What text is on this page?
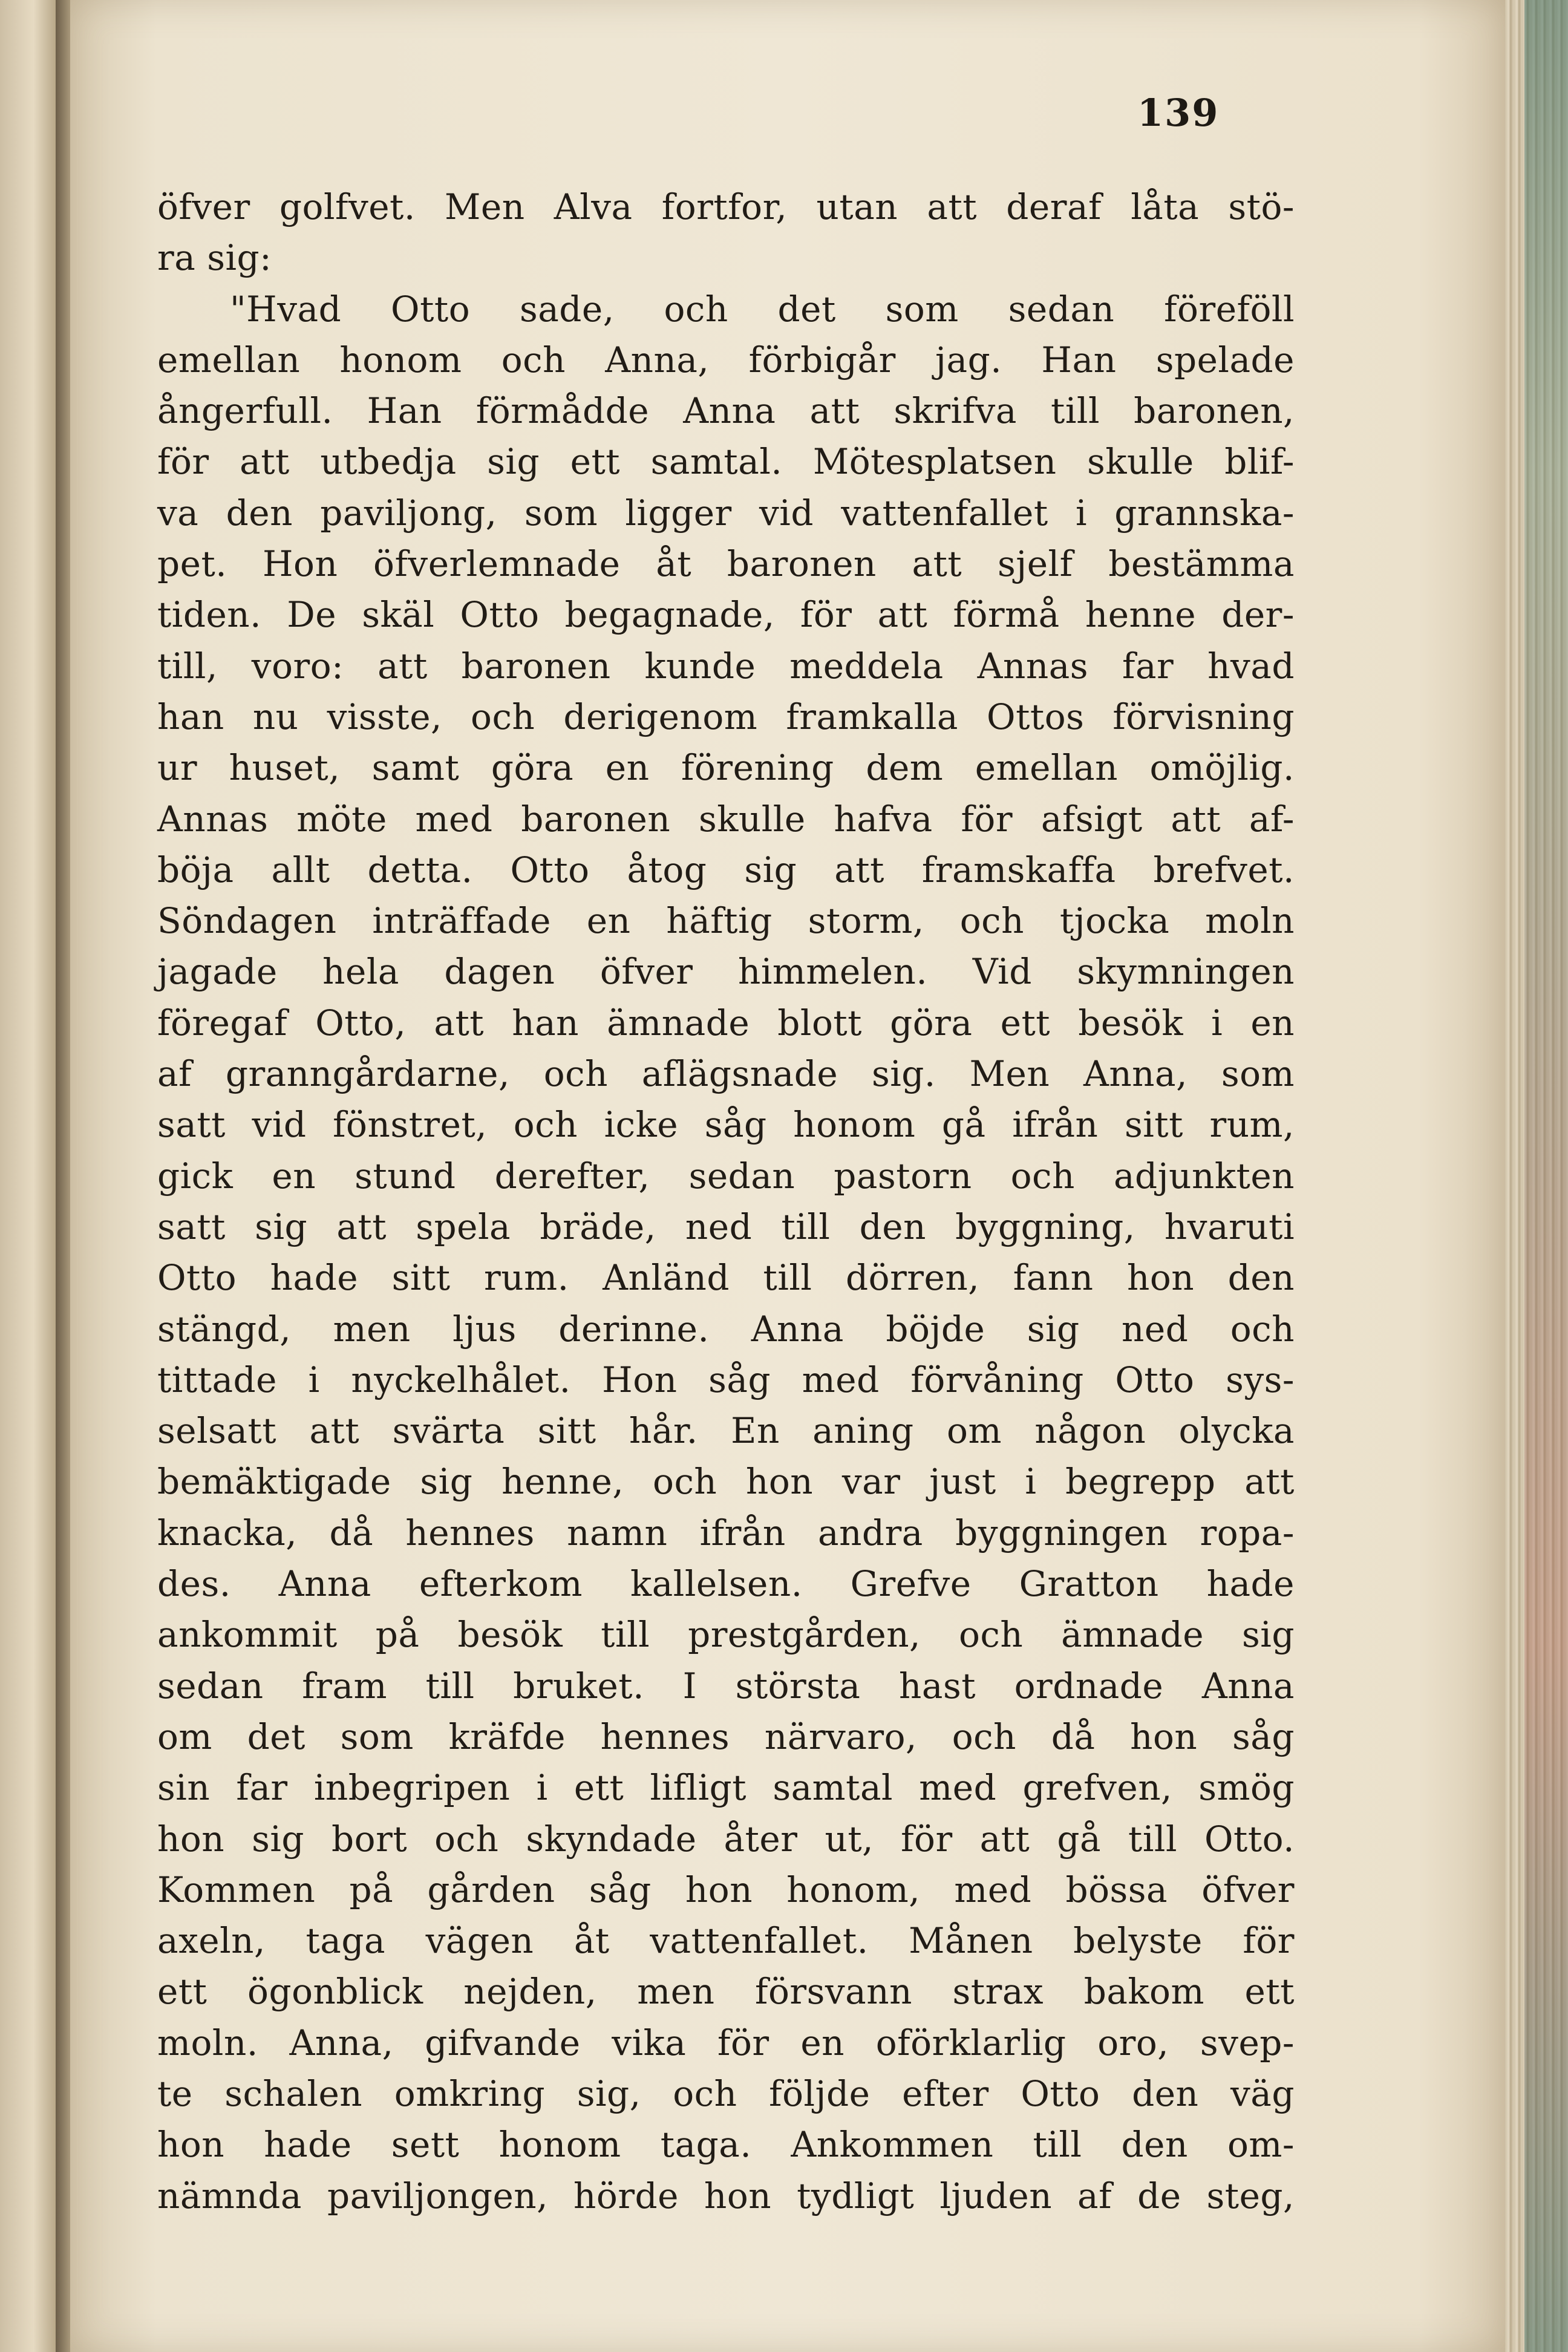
139
öfver golfvet. Men Alva fortfor, utan att deraf låta stö-
ra sig:
"Hvad Otto sade, och det som sedan föreföll
emellan honom och Anna, förbigår jag. Han spelade
ångerfull. Han förmådde Anna att skrifva till baronen,
för att utbedja sig ett samtal. Mötesplatsen skulle blif-
va den paviljong, som ligger vid vattenfallet i grannska-
pet. Hon öfverlemnade åt baronen att sjelf bestämma
tiden. De skäl Otto begagnade, för att förmå henne der-
till, voro: att baronen kunde meddela Annas far hvad
han nu visste, och derigenom framkalla Ottos förvisning
ur huset, samt göra en förening dem emellan omöjlig.
Annas möte med baronen skulle hafva för afsigt att af-
böja allt detta. Otto åtog sig att framskaffa brefvet.
Söndagen inträffade en häftig storm, och tjocka moln
jagade hela dagen öfver himmelen. Vid skymningen
föregaf Otto, att han ämnade blott göra ett besök i en
af granngårdarne, och aflägsnade sig. Men Anna, som
satt vid fönstret, och icke såg honom gå ifrån sitt rum,
gick en stund derefter, sedan pastorn och adjunkten
satt sig att spela bräde, ned till den byggning, hvaruti
Otto hade sitt rum. Anländ till dörren, fann hon den
stängd, men ljus derinne. Anna böjde sig ned och
tittade i nyckelhålet. Hon såg med förvåning Otto sys-
selsatt att svärta sitt hår. En aning om någon olycka
bemäktigade sig henne, och hon var just i begrepp att
knacka, då hennes namn ifrån andra byggningen ropa-
des. Anna efterkom kallelsen. Grefve Gratton hade
ankommit på besök till prestgården, och ämnade sig
sedan fram till bruket. I största hast ordnade Anna
om det som kräfde hennes närvaro, och då hon såg
sin far inbegripen i ett lifligt samtal med grefven, smög
hon sig bort och skyndade åter ut, för att gå till Otto.
Kommen på gården såg hon honom, med bössa öfver
axeln, taga vägen åt vattenfallet. Månen belyste för
ett ögonblick nejden, men försvann strax bakom ett
moln. Anna, gifvande vika för en oförklarlig oro, svep-
te schalen omkring sig, och följde efter Otto den väg
hon hade sett honom taga. Ankommen till den om-
nämnda paviljongen, hörde hon tydligt ljuden af de steg,
